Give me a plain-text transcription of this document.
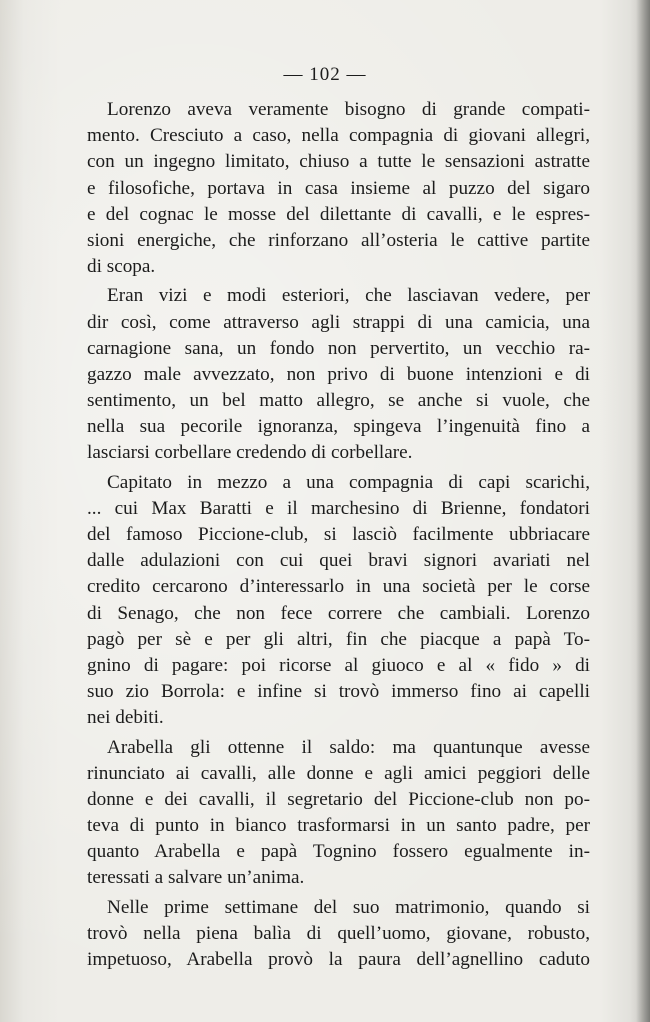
— 102 —
Lorenzo aveva veramente bisogno di grande compati-
mento. Cresciuto a caso, nella compagnia di giovani allegri,
con un ingegno limitato, chiuso a tutte le sensazioni astratte
e filosofiche, portava in casa insieme al puzzo del sigaro
e del cognac le mosse del dilettante di cavalli, e le espres-
sioni energiche, che rinforzano all’osteria le cattive partite
di scopa.
Eran vizi e modi esteriori, che lasciavan vedere, per
dir così, come attraverso agli strappi di una camicia, una
carnagione sana, un fondo non pervertito, un vecchio ra-
gazzo male avvezzato, non privo di buone intenzioni e di
sentimento, un bel matto allegro, se anche si vuole, che
nella sua pecorile ignoranza, spingeva l’ingenuità fino a
lasciarsi corbellare credendo di corbellare.
Capitato in mezzo a una compagnia di capi scarichi,
... cui Max Baratti e il marchesino di Brienne, fondatori
del famoso Piccione-club, si lasciò facilmente ubbriacare
dalle adulazioni con cui quei bravi signori avariati nel
credito cercarono d’interessarlo in una società per le corse
di Senago, che non fece correre che cambiali. Lorenzo
pagò per sè e per gli altri, fin che piacque a papà To-
gnino di pagare: poi ricorse al giuoco e al « fido » di
suo zio Borrola: e infine si trovò immerso fino ai capelli
nei debiti.
Arabella gli ottenne il saldo: ma quantunque avesse
rinunciato ai cavalli, alle donne e agli amici peggiori delle
donne e dei cavalli, il segretario del Piccione-club non po-
teva di punto in bianco trasformarsi in un santo padre, per
quanto Arabella e papà Tognino fossero egualmente in-
teressati a salvare un’anima.
Nelle prime settimane del suo matrimonio, quando si
trovò nella piena balìa di quell’uomo, giovane, robusto,
impetuoso, Arabella provò la paura dell’agnellino caduto
